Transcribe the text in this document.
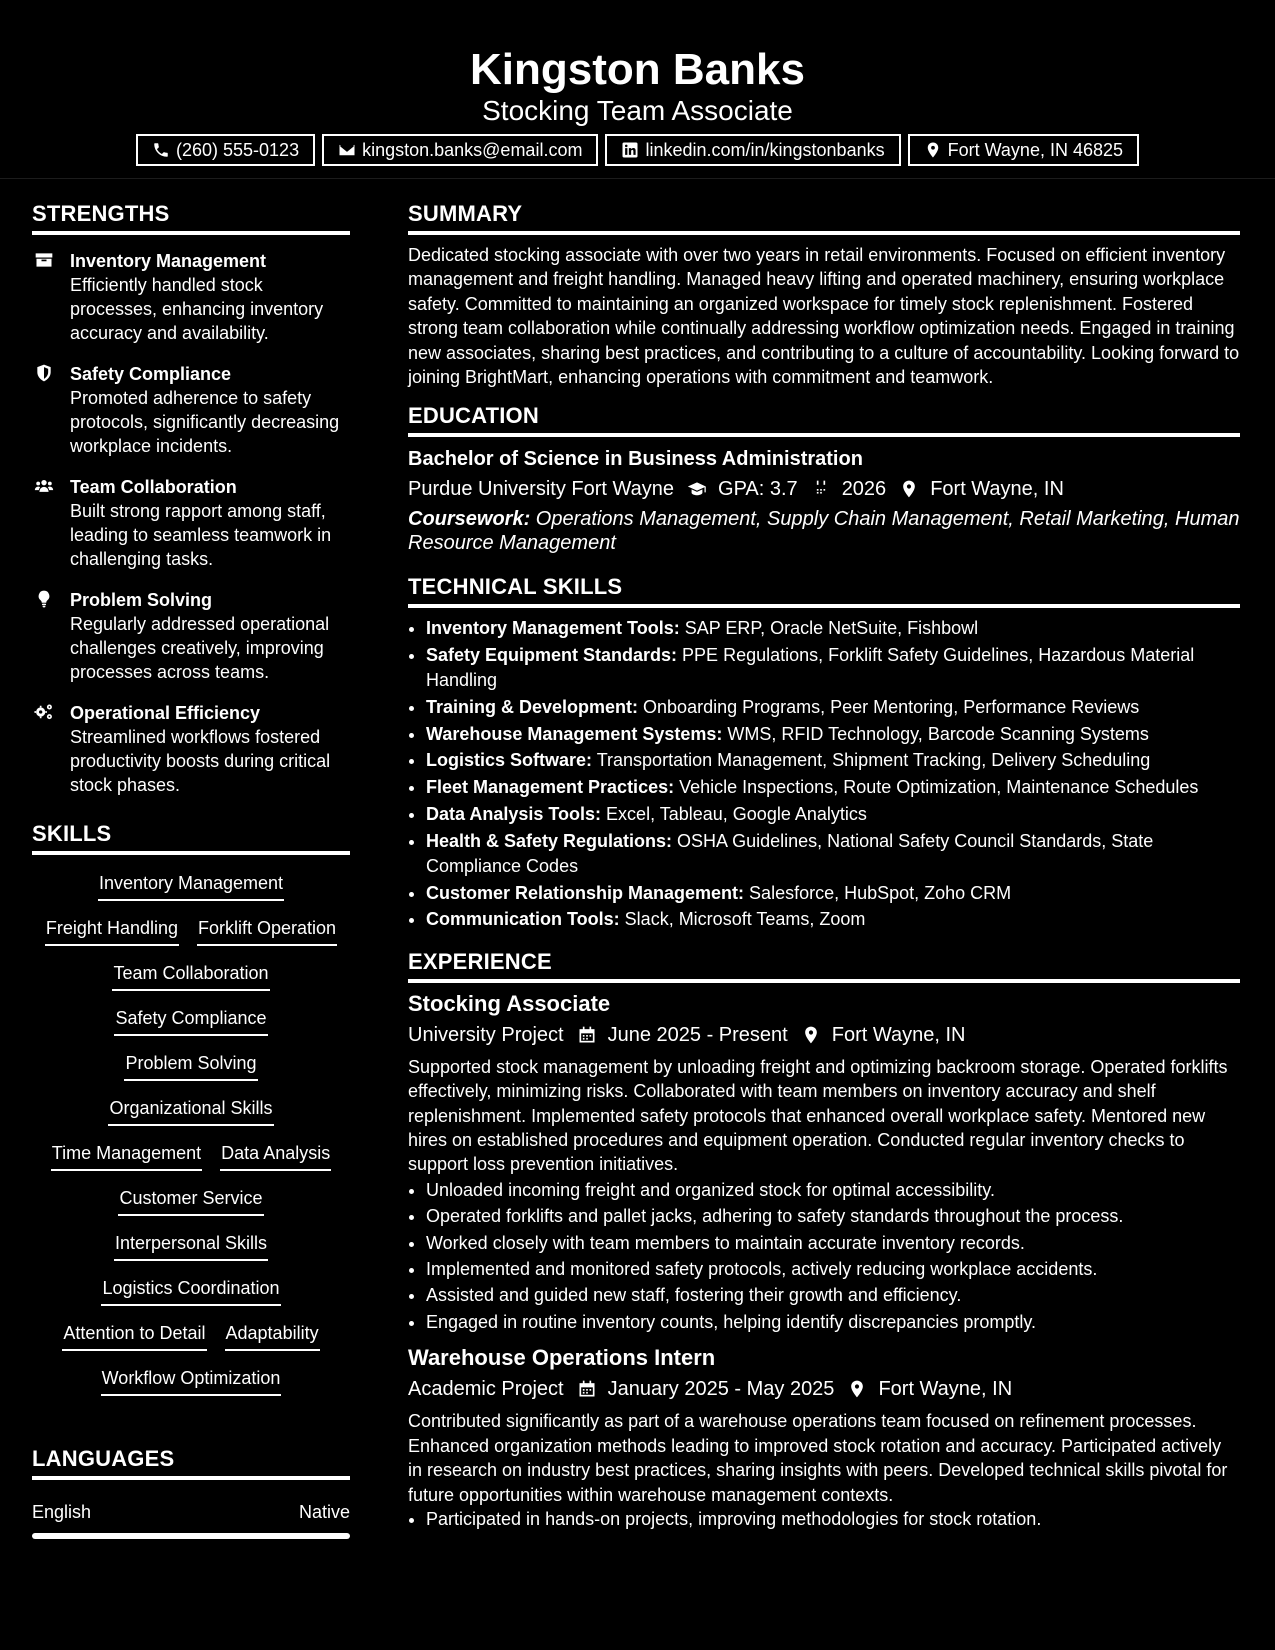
Kingston Banks
Stocking Team Associate
(260) 555-0123	kingston.banks@email.com	linkedin.com/in/kingstonbanks	Fort Wayne, IN 46825
STRENGTHS
Inventory Management
Efficiently handled stock processes, enhancing inventory accuracy and availability.
Safety Compliance
Promoted adherence to safety protocols, significantly decreasing workplace incidents.
Team Collaboration
Built strong rapport among staff, leading to seamless teamwork in challenging tasks.
Problem Solving
Regularly addressed operational challenges creatively, improving processes across teams.
Operational Efficiency
Streamlined workflows fostered productivity boosts during critical stock phases.
SKILLS
Inventory Management
Freight Handling Forklift Operation
Team Collaboration
Safety Compliance
Problem Solving
Organizational Skills
Time Management Data Analysis
Customer Service
Interpersonal Skills
Logistics Coordination
Attention to Detail Adaptability
Workflow Optimization
LANGUAGES
English	Native
SUMMARY
Dedicated stocking associate with over two years in retail environments. Focused on efficient inventory management and freight handling. Managed heavy lifting and operated machinery, ensuring workplace safety. Committed to maintaining an organized workspace for timely stock replenishment. Fostered strong team collaboration while continually addressing workflow optimization needs. Engaged in training new associates, sharing best practices, and contributing to a culture of accountability. Looking forward to joining BrightMart, enhancing operations with commitment and teamwork.
EDUCATION
Bachelor of Science in Business Administration
Purdue University Fort Wayne GPA: 3.7 2026 Fort Wayne, IN
Coursework: Operations Management, Supply Chain Management, Retail Marketing, Human Resource Management
TECHNICAL SKILLS
• Inventory Management Tools: SAP ERP, Oracle NetSuite, Fishbowl
• Safety Equipment Standards: PPE Regulations, Forklift Safety Guidelines, Hazardous Material Handling
• Training & Development: Onboarding Programs, Peer Mentoring, Performance Reviews
• Warehouse Management Systems: WMS, RFID Technology, Barcode Scanning Systems
• Logistics Software: Transportation Management, Shipment Tracking, Delivery Scheduling
• Fleet Management Practices: Vehicle Inspections, Route Optimization, Maintenance Schedules
• Data Analysis Tools: Excel, Tableau, Google Analytics
• Health & Safety Regulations: OSHA Guidelines, National Safety Council Standards, State Compliance Codes
• Customer Relationship Management: Salesforce, HubSpot, Zoho CRM
• Communication Tools: Slack, Microsoft Teams, Zoom
EXPERIENCE
Stocking Associate
University Project June 2025 - Present Fort Wayne, IN
Supported stock management by unloading freight and optimizing backroom storage. Operated forklifts effectively, minimizing risks. Collaborated with team members on inventory accuracy and shelf replenishment. Implemented safety protocols that enhanced overall workplace safety. Mentored new hires on established procedures and equipment operation. Conducted regular inventory checks to support loss prevention initiatives.
• Unloaded incoming freight and organized stock for optimal accessibility.
• Operated forklifts and pallet jacks, adhering to safety standards throughout the process.
• Worked closely with team members to maintain accurate inventory records.
• Implemented and monitored safety protocols, actively reducing workplace accidents.
• Assisted and guided new staff, fostering their growth and efficiency.
• Engaged in routine inventory counts, helping identify discrepancies promptly.
Warehouse Operations Intern
Academic Project January 2025 - May 2025 Fort Wayne, IN
Contributed significantly as part of a warehouse operations team focused on refinement processes. Enhanced organization methods leading to improved stock rotation and accuracy. Participated actively in research on industry best practices, sharing insights with peers. Developed technical skills pivotal for future opportunities within warehouse management contexts.
• Participated in hands-on projects, improving methodologies for stock rotation.
